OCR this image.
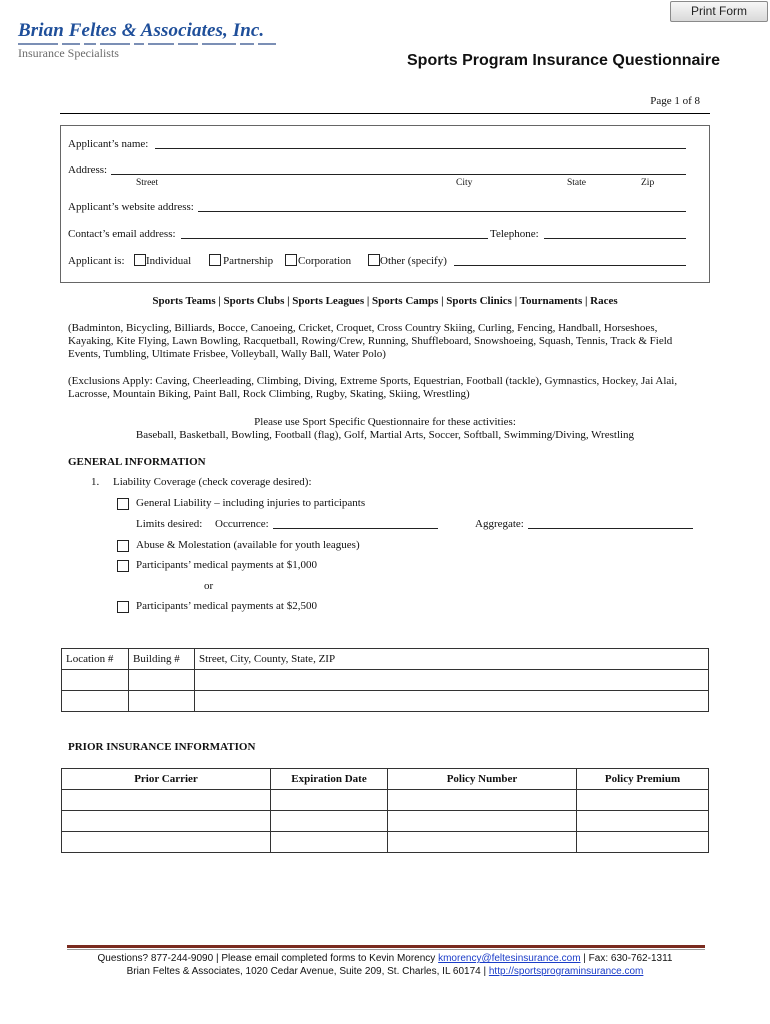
Print Form
Brian Feltes & Associates, Inc.
Insurance Specialists	Sports Program Insurance Questionnaire
Page 1 of 8
Applicant’s name:
Address:
Street	City	State	Zip
Applicant’s website address:
Contact’s email address:	Telephone:
Applicant is: Individual	Partnership Corporation	Other (specify)
Sports Teams | Sports Clubs | Sports Leagues | Sports Camps | Sports Clinics | Tournaments | Races
(Badminton, Bicycling, Billiards, Bocce, Canoeing, Cricket, Croquet, Cross Country Skiing, Curling, Fencing, Handball, Horseshoes,
Kayaking, Kite Flying, Lawn Bowling, Racquetball, Rowing/Crew, Running, Shuffleboard, Snowshoeing, Squash, Tennis, Track & Field
Events, Tumbling, Ultimate Frisbee, Volleyball, Wally Ball, Water Polo)
(Exclusions Apply: Caving, Cheerleading, Climbing, Diving, Extreme Sports, Equestrian, Football (tackle), Gymnastics, Hockey, Jai Alai,
Lacrosse, Mountain Biking, Paint Ball, Rock Climbing, Rugby, Skating, Skiing, Wrestling)
Please use Sport Specific Questionnaire for these activities:
Baseball, Basketball, Bowling, Football (flag), Golf, Martial Arts, Soccer, Softball, Swimming/Diving, Wrestling
GENERAL INFORMATION
1. Liability Coverage (check coverage desired):
General Liability – including injuries to participants
Limits desired: Occurrence:	Aggregate:
Abuse & Molestation (available for youth leagues)
Participants’ medical payments at $1,000
or
Participants’ medical payments at $2,500
Location #	Building #	Street, City, County, State, ZIP

PRIOR INSURANCE INFORMATION
Prior Carrier	Expiration Date	Policy Number	Policy Premium

Questions? 877-244-9090 | Please email completed forms to Kevin Morency kmorency@feltesinsurance.com | Fax: 630-762-1311
Brian Feltes & Associates, 1020 Cedar Avenue, Suite 209, St. Charles, IL 60174 | http://sportsprograminsurance.com
